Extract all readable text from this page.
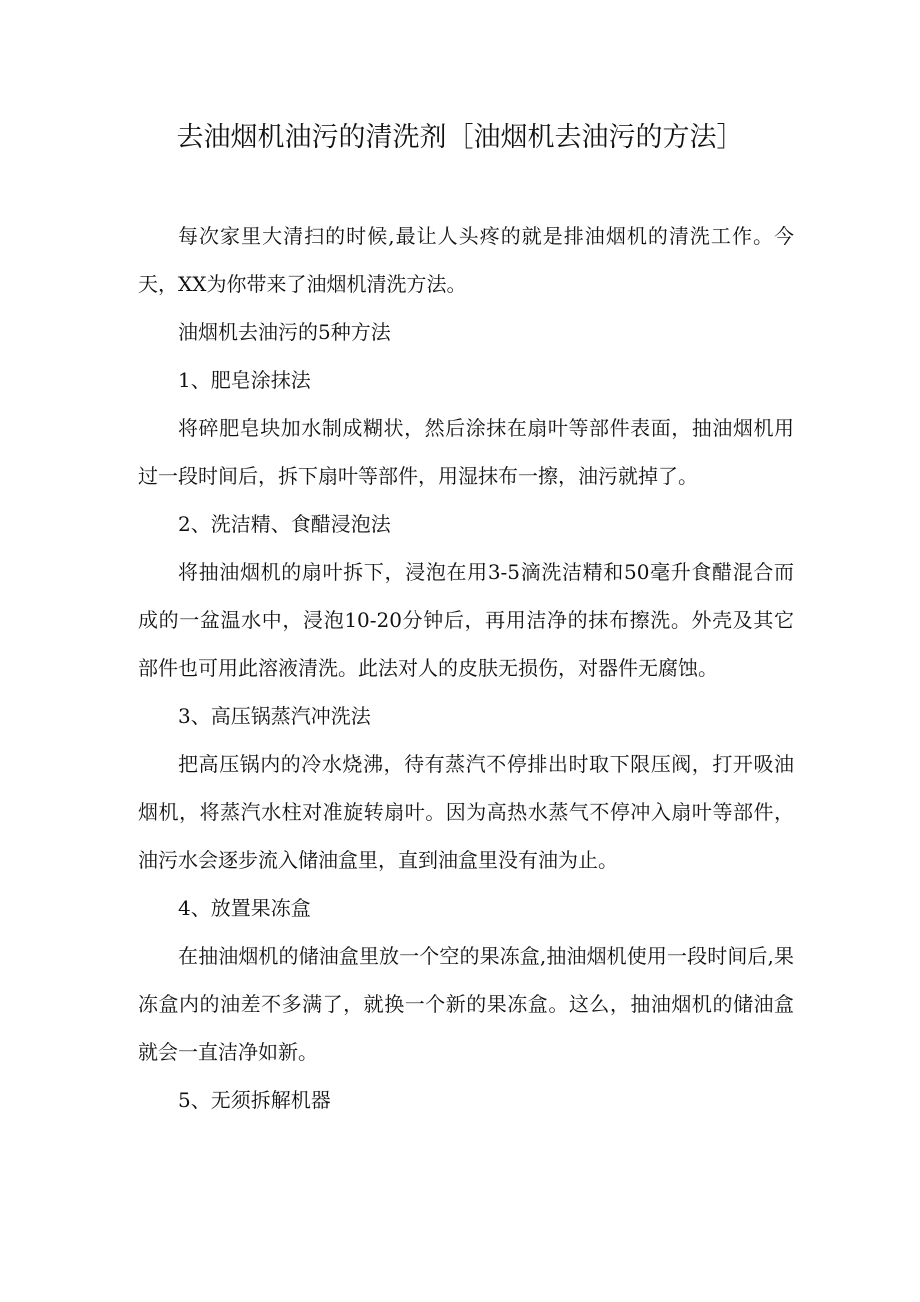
去油烟机油污的清洗剂［油烟机去油污的方法］

每次家里大清扫的时候,最让人头疼的就是排油烟机的清洗工作。今天，XX为你带来了油烟机清洗方法。

油烟机去油污的5种方法

1、肥皂涂抹法

将碎肥皂块加水制成糊状，然后涂抹在扇叶等部件表面，抽油烟机用过一段时间后，拆下扇叶等部件，用湿抹布一擦，油污就掉了。

2、洗洁精、食醋浸泡法

将抽油烟机的扇叶拆下，浸泡在用3-5滴洗洁精和50毫升食醋混合而成的一盆温水中，浸泡10-20分钟后，再用洁净的抹布擦洗。外壳及其它部件也可用此溶液清洗。此法对人的皮肤无损伤，对器件无腐蚀。

3、高压锅蒸汽冲洗法

把高压锅内的冷水烧沸，待有蒸汽不停排出时取下限压阀，打开吸油烟机，将蒸汽水柱对准旋转扇叶。因为高热水蒸气不停冲入扇叶等部件，油污水会逐步流入储油盒里，直到油盒里没有油为止。

4、放置果冻盒

在抽油烟机的储油盒里放一个空的果冻盒,抽油烟机使用一段时间后,果冻盒内的油差不多满了，就换一个新的果冻盒。这么，抽油烟机的储油盒就会一直洁净如新。

5、无须拆解机器
